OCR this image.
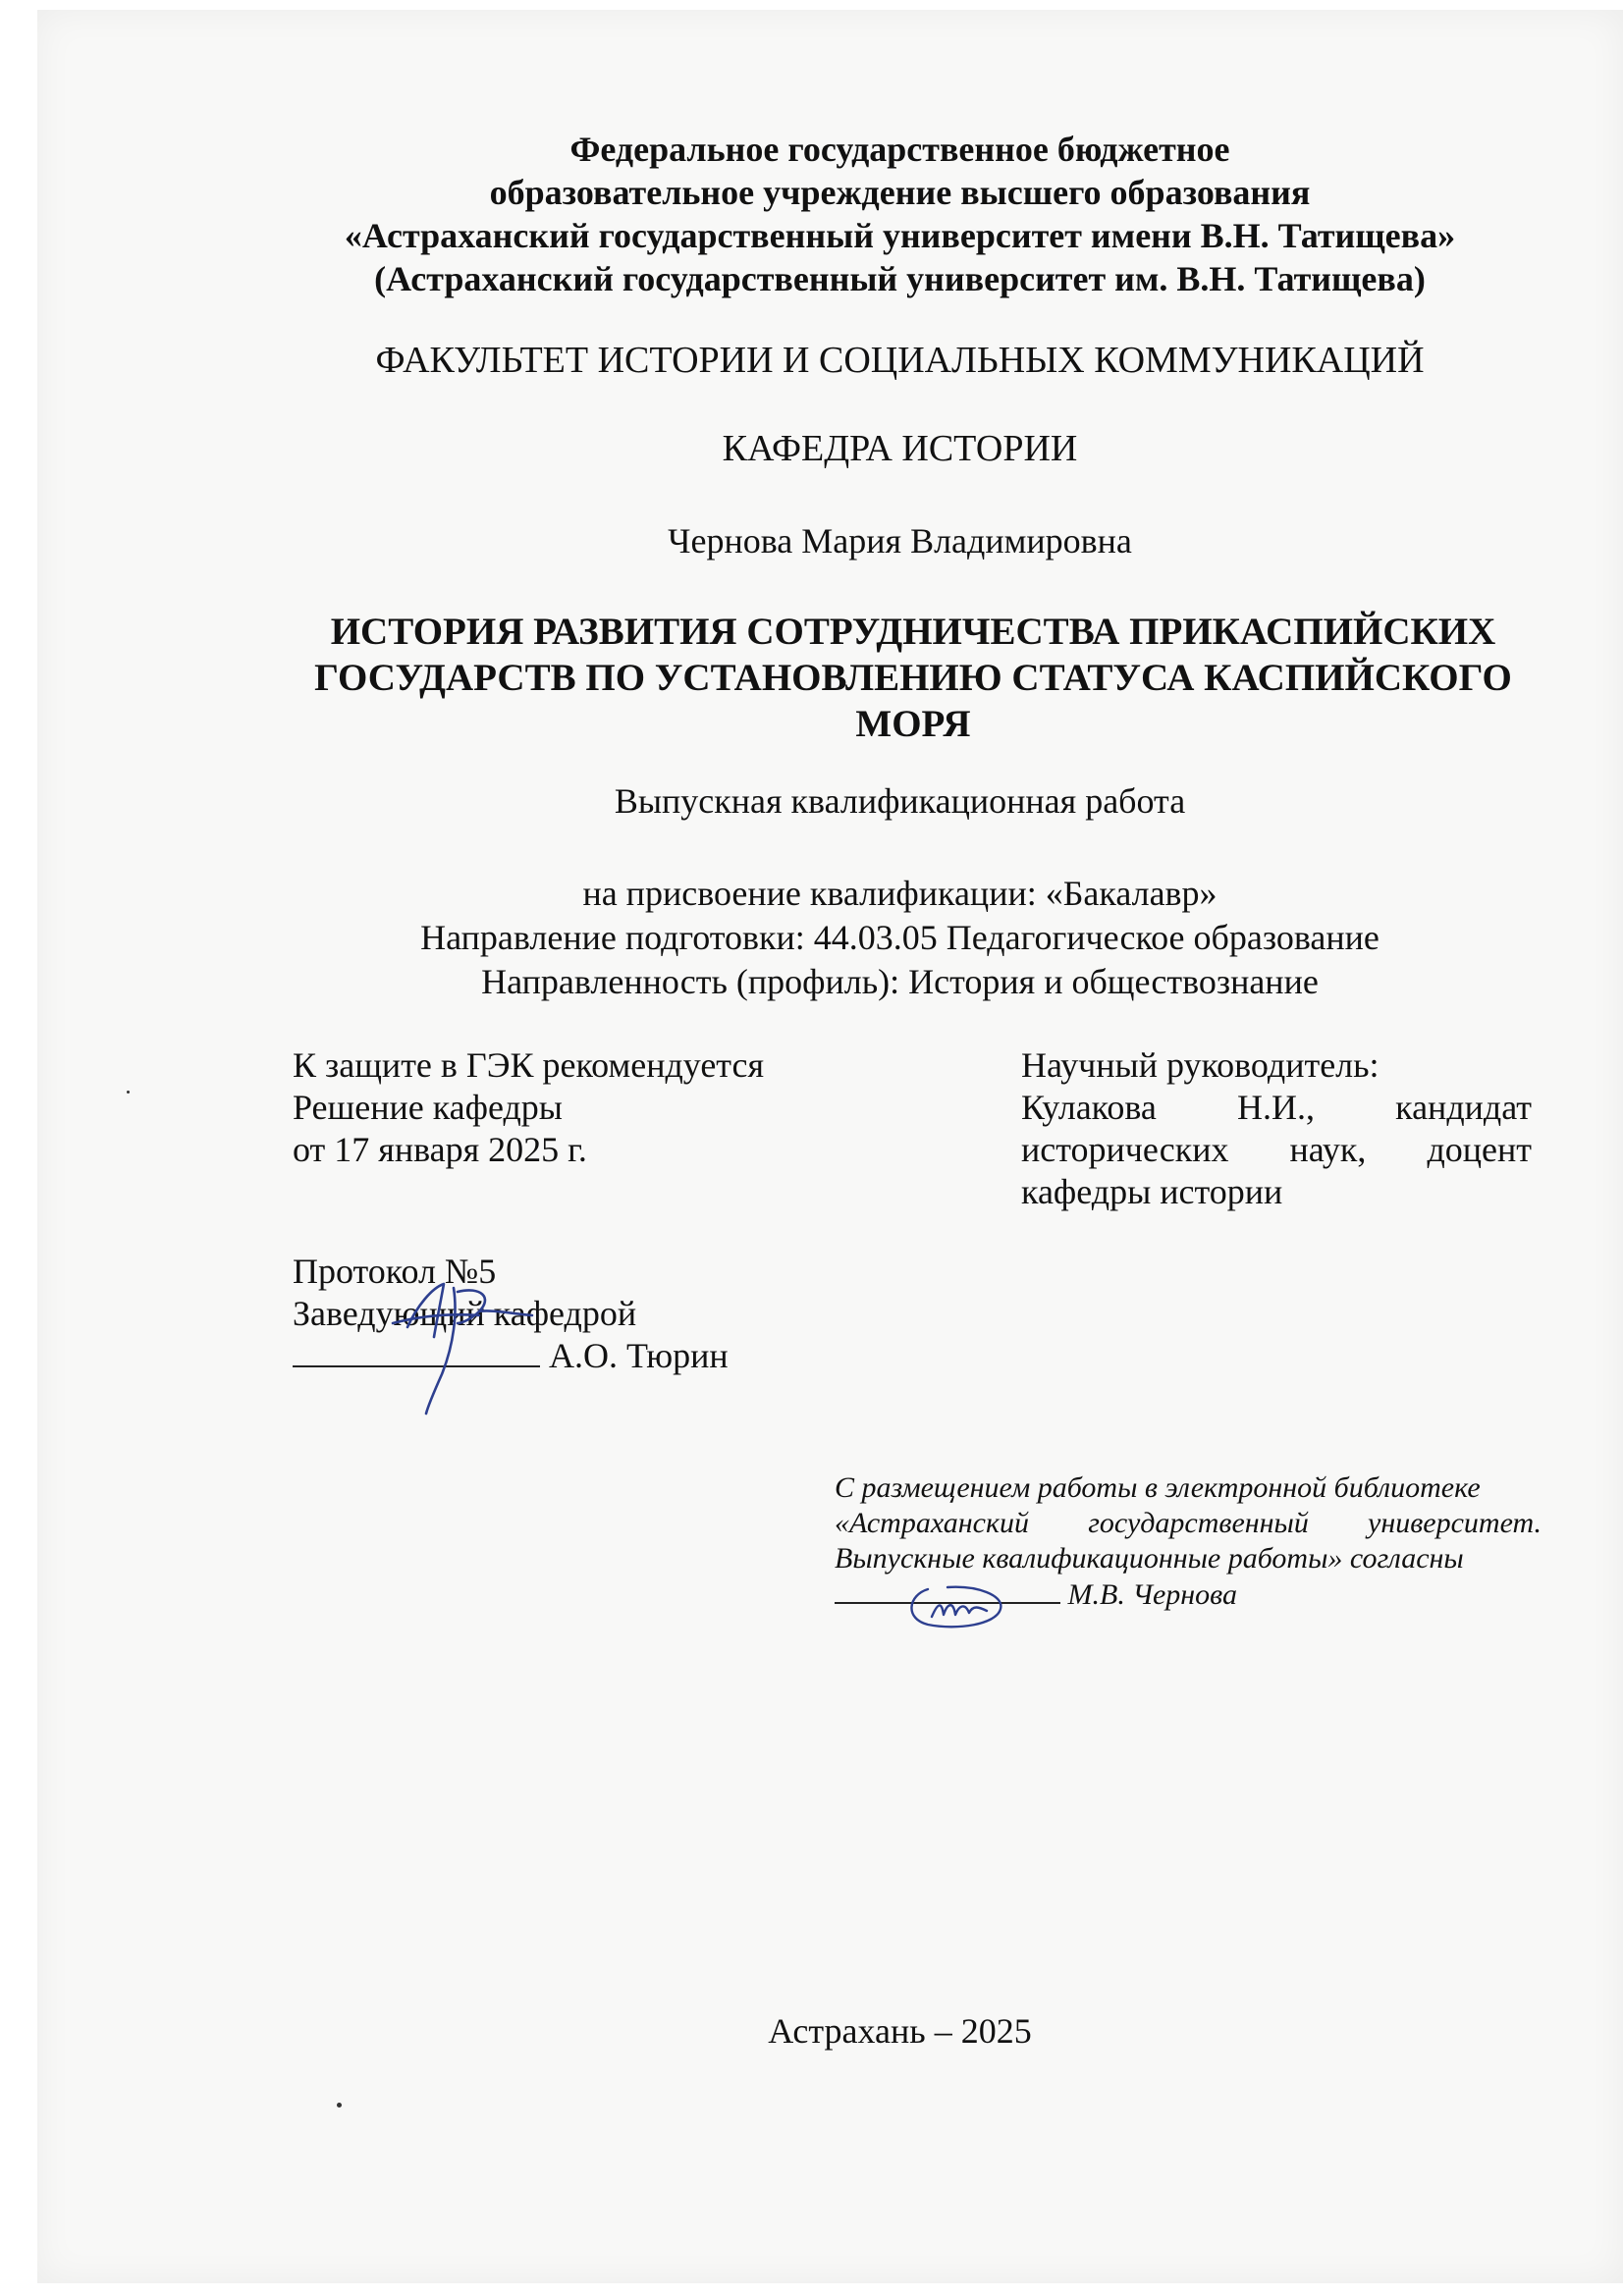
Федеральное государственное бюджетное
образовательное учреждение высшего образования
«Астраханский государственный университет имени В.Н. Татищева»
(Астраханский государственный университет им. В.Н. Татищева)
ФАКУЛЬТЕТ ИСТОРИИ И СОЦИАЛЬНЫХ КОММУНИКАЦИЙ
КАФЕДРА ИСТОРИИ
Чернова Мария Владимировна
ИСТОРИЯ РАЗВИТИЯ СОТРУДНИЧЕСТВА ПРИКАСПИЙСКИХ
ГОСУДАРСТВ ПО УСТАНОВЛЕНИЮ СТАТУСА КАСПИЙСКОГО
МОРЯ
Выпускная квалификационная работа
на присвоение квалификации: «Бакалавр»
Направление подготовки: 44.03.05 Педагогическое образование
Направленность (профиль): История и обществознание
К защите в ГЭК рекомендуется
Решение кафедры
от 17 января 2025 г.
Протокол №5
Заведующий кафедрой
А.О. Тюрин
Научный руководитель:
Кулакова Н.И., кандидат
исторических наук, доцент
кафедры истории
С размещением работы в электронной библиотеке
«Астраханский государственный университет.
Выпускные квалификационные работы» согласны
М.В. Чернова
Астрахань – 2025
